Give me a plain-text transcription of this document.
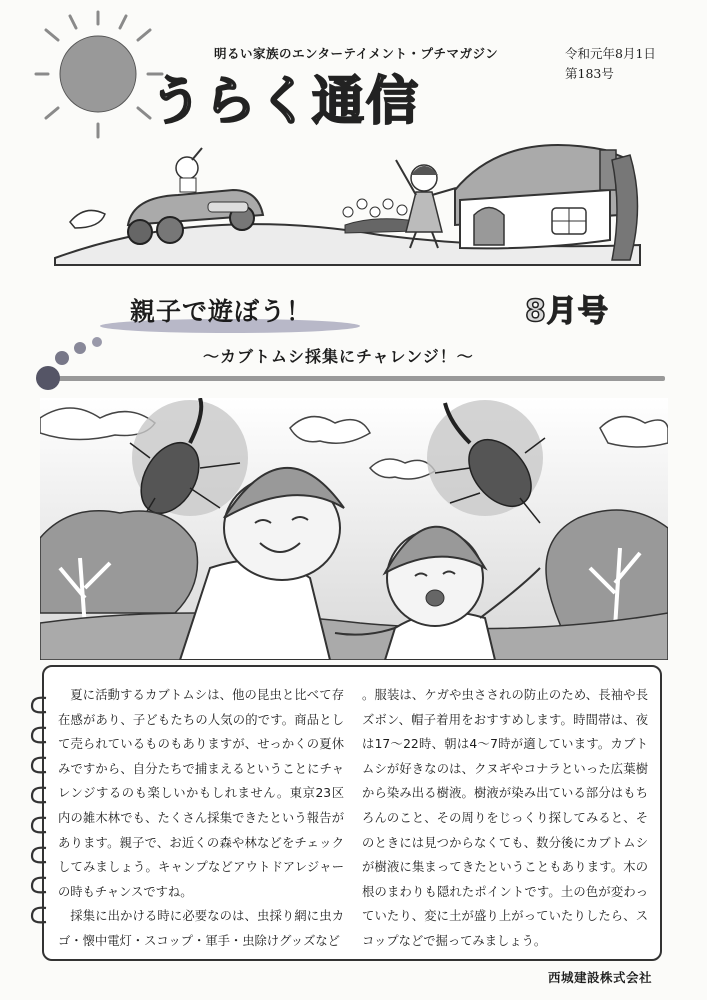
明るい家族のエンターテイメント・プチマガジン	令和元年8月1日
第183号
うらく通信
親子で遊ぼう！
～カブトムシ採集にチャレンジ！～
8月号

夏に活動するカブトムシは、他の昆虫と比べて存在感があり、子どもたちの人気の的です。商品として売られているものもありますが、せっかくの夏休みですから、自分たちで捕まえるということにチャレンジするのも楽しいかもしれません。東京23区内の雑木林でも、たくさん採集できたという報告があります。親子で、お近くの森や林などをチェックしてみましょう。キャンプなどアウトドアレジャーの時もチャンスですね。

採集に出かける時に必要なのは、虫採り網に虫カゴ・懐中電灯・スコップ・軍手・虫除けグッズなど

。服装は、ケガや虫さされの防止のため、長袖や長ズボン、帽子着用をおすすめします。時間帯は、夜は17～22時、朝は4～7時が適しています。カブトムシが好きなのは、クヌギやコナラといった広葉樹から染み出る樹液。樹液が染み出ている部分はもちろんのこと、その周りをじっくり探してみると、そのときには見つからなくても、数分後にカブトムシが樹液に集まってきたということもあります。木の根のまわりも隠れたポイントです。土の色が変わっていたり、変に土が盛り上がっていたりしたら、スコップなどで掘ってみましょう。

西城建設株式会社
